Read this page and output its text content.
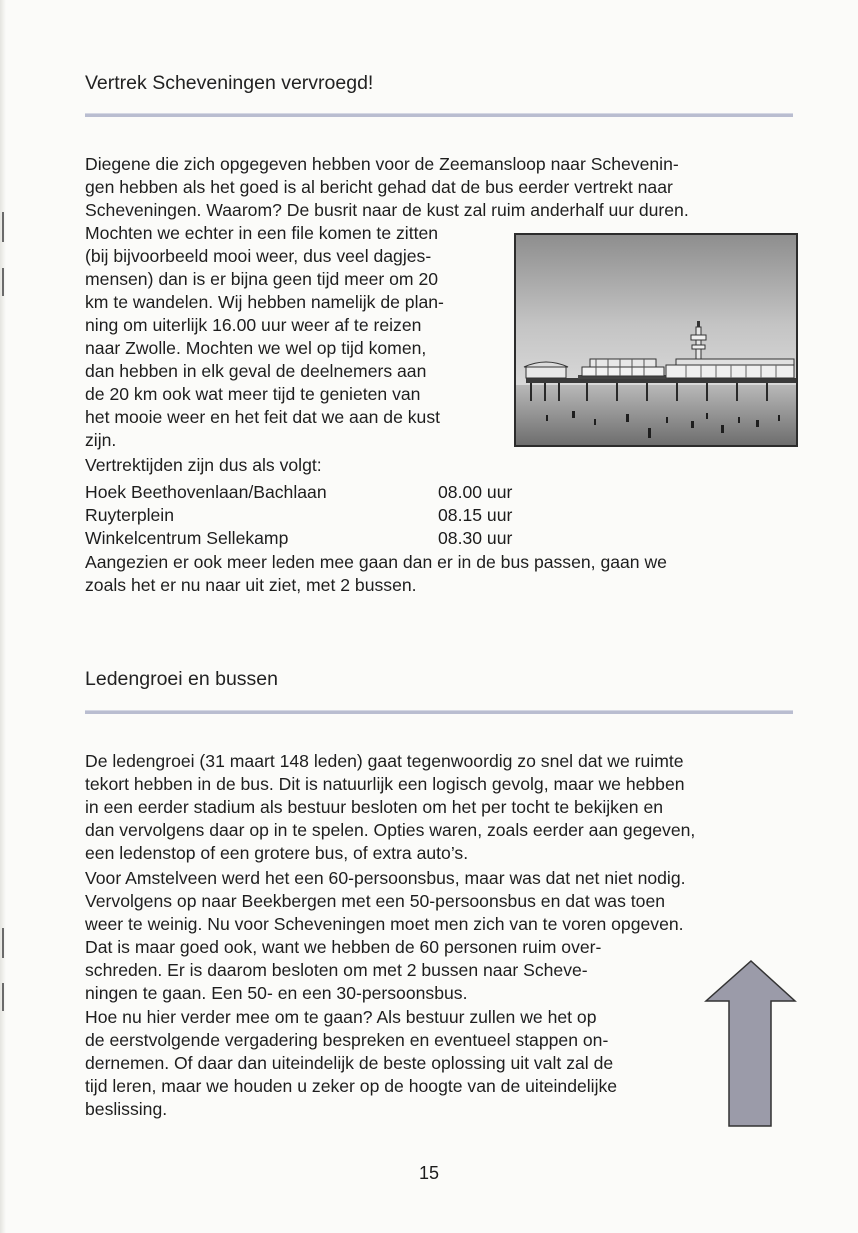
Vertrek Scheveningen vervroegd!
Diegene die zich opgegeven hebben voor de Zeemansloop naar Schevenin-
gen hebben als het goed is al bericht gehad dat de bus eerder vertrekt naar
Scheveningen. Waarom? De busrit naar de kust zal ruim anderhalf uur duren.
Mochten we echter in een file komen te zitten
(bij bijvoorbeeld mooi weer, dus veel dagjes-
mensen) dan is er bijna geen tijd meer om 20
km te wandelen. Wij hebben namelijk de plan-
ning om uiterlijk 16.00 uur weer af te reizen
naar Zwolle. Mochten we wel op tijd komen,
dan hebben in elk geval de deelnemers aan
de 20 km ook wat meer tijd te genieten van
het mooie weer en het feit dat we aan de kust
zijn.
Vertrektijden zijn dus als volgt:
Hoek Beethovenlaan/Bachlaan	08.00 uur
Ruyterplein	08.15 uur
Winkelcentrum Sellekamp	08.30 uur
Aangezien er ook meer leden mee gaan dan er in de bus passen, gaan we
zoals het er nu naar uit ziet, met 2 bussen.
Ledengroei en bussen
De ledengroei (31 maart 148 leden) gaat tegenwoordig zo snel dat we ruimte
tekort hebben in de bus. Dit is natuurlijk een logisch gevolg, maar we hebben
in een eerder stadium als bestuur besloten om het per tocht te bekijken en
dan vervolgens daar op in te spelen. Opties waren, zoals eerder aan gegeven,
een ledenstop of een grotere bus, of extra auto’s.
Voor Amstelveen werd het een 60-persoonsbus, maar was dat net niet nodig.
Vervolgens op naar Beekbergen met een 50-persoonsbus en dat was toen
weer te weinig. Nu voor Scheveningen moet men zich van te voren opgeven.
Dat is maar goed ook, want we hebben de 60 personen ruim over-
schreden. Er is daarom besloten om met 2 bussen naar Scheve-
ningen te gaan. Een 50- en een 30-persoonsbus.
Hoe nu hier verder mee om te gaan? Als bestuur zullen we het op
de eerstvolgende vergadering bespreken en eventueel stappen on-
dernemen. Of daar dan uiteindelijk de beste oplossing uit valt zal de
tijd leren, maar we houden u zeker op de hoogte van de uiteindelijke
beslissing.
15
